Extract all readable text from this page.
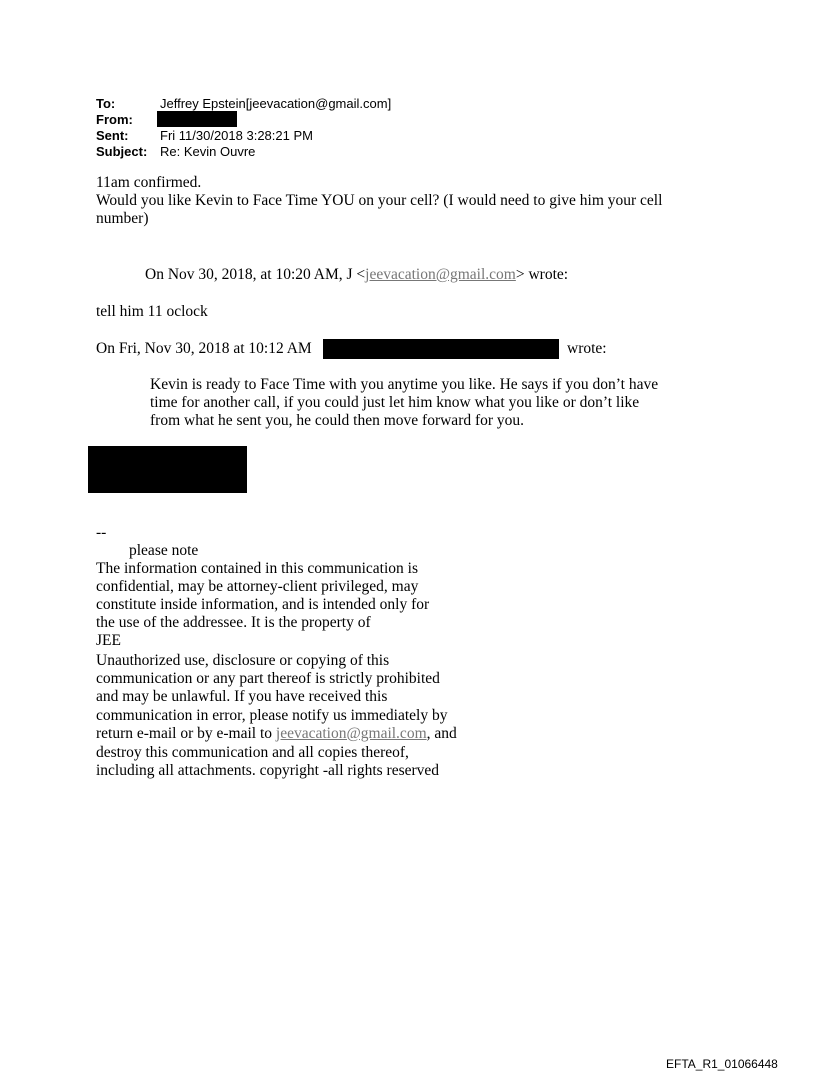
To:	Jeffrey Epstein[jeevacation@gmail.com]
From:
Sent: Fri 11/30/2018 3:28:21 PM
Subject: Re: Kevin Ouvre
11am confirmed.
Would you like Kevin to Face Time YOU on your cell? (I would need to give him your cell
number)
On Nov 30, 2018, at 10:20 AM, J <jeevacation@gmail.com> wrote:
tell him 11 oclock
On Fri, Nov 30, 2018 at 10:12 AM	wrote:
Kevin is ready to Face Time with you anytime you like. He says if you don’t have
time for another call, if you could just let him know what you like or don’t like
from what he sent you, he could then move forward for you.
--
please note
The information contained in this communication is
confidential, may be attorney-client privileged, may
constitute inside information, and is intended only for
the use of the addressee. It is the property of
JEE
Unauthorized use, disclosure or copying of this
communication or any part thereof is strictly prohibited
and may be unlawful. If you have received this
communication in error, please notify us immediately by
return e-mail or by e-mail to jeevacation@gmail.com, and
destroy this communication and all copies thereof,
including all attachments. copyright -all rights reserved
EFTA_R1_01066448
